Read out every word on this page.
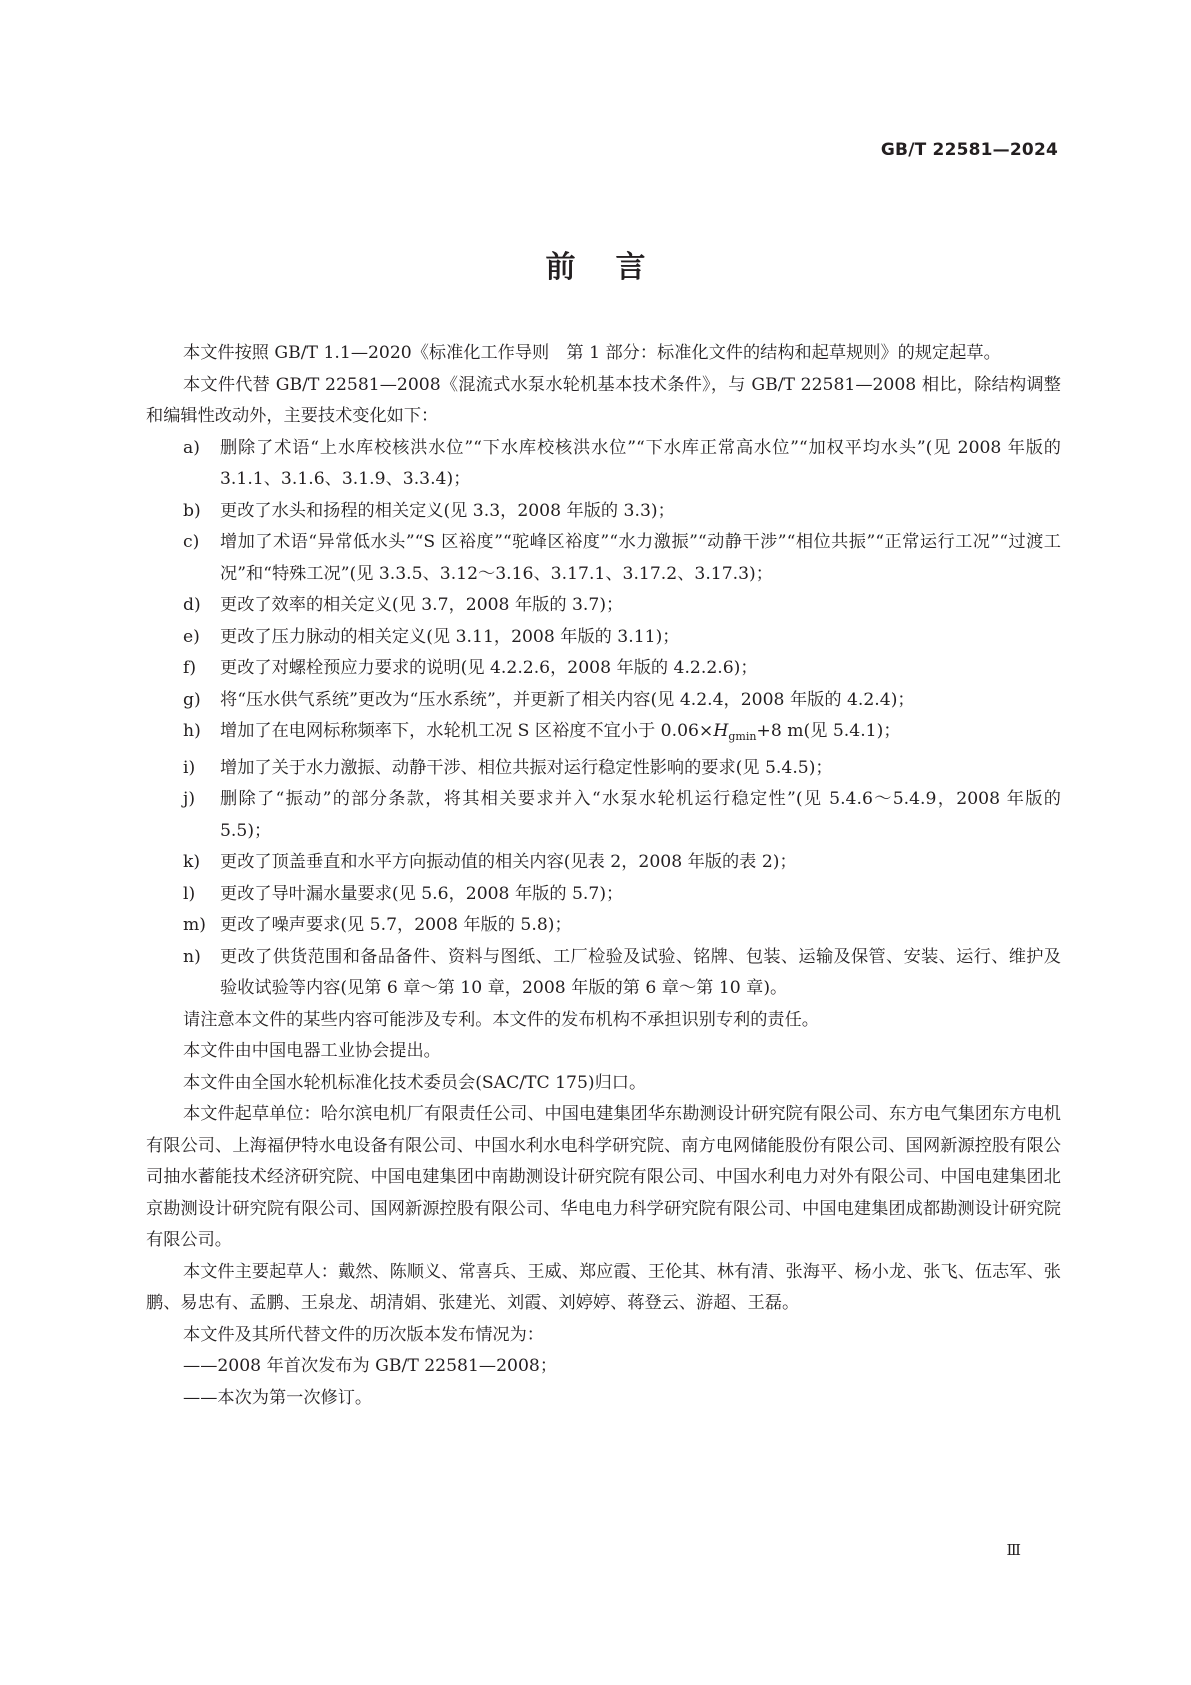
GB/T 22581—2024
前言

本文件按照 GB/T 1.1—2020《标准化工作导则　第 1 部分：标准化文件的结构和起草规则》的规定起草。

本文件代替 GB/T 22581—2008《混流式水泵水轮机基本技术条件》，与 GB/T 22581—2008 相比，除结构调整和编辑性改动外，主要技术变化如下：

a)	删除了术语“上水库校核洪水位”“下水库校核洪水位”“下水库正常高水位”“加权平均水头”(见 2008 年版的 3.1.1、3.1.6、3.1.9、3.3.4)；
b)	更改了水头和扬程的相关定义(见 3.3，2008 年版的 3.3)；
c)	增加了术语“异常低水头”“S 区裕度”“驼峰区裕度”“水力激振”“动静干涉”“相位共振”“正常运行工况”“过渡工况”和“特殊工况”(见 3.3.5、3.12～3.16、3.17.1、3.17.2、3.17.3)；
d)	更改了效率的相关定义(见 3.7，2008 年版的 3.7)；
e)	更改了压力脉动的相关定义(见 3.11，2008 年版的 3.11)；
f)	更改了对螺栓预应力要求的说明(见 4.2.2.6，2008 年版的 4.2.2.6)；
g)	将“压水供气系统”更改为“压水系统”，并更新了相关内容(见 4.2.4，2008 年版的 4.2.4)；
h)	增加了在电网标称频率下，水轮机工况 S 区裕度不宜小于 $0.06\times H_{gmin}+8$ m(见 5.4.1)；
i)	增加了关于水力激振、动静干涉、相位共振对运行稳定性影响的要求(见 5.4.5)；
j)	删除了“振动”的部分条款，将其相关要求并入“水泵水轮机运行稳定性”(见 5.4.6～5.4.9，2008 年版的 5.5)；
k)	更改了顶盖垂直和水平方向振动值的相关内容(见表 2，2008 年版的表 2)；
l)	更改了导叶漏水量要求(见 5.6，2008 年版的 5.7)；
m) 更改了噪声要求(见 5.7，2008 年版的 5.8)；
n)	更改了供货范围和备品备件、资料与图纸、工厂检验及试验、铭牌、包装、运输及保管、安装、运行、维护及验收试验等内容(见第 6 章～第 10 章，2008 年版的第 6 章～第 10 章)。

请注意本文件的某些内容可能涉及专利。本文件的发布机构不承担识别专利的责任。

本文件由中国电器工业协会提出。

本文件由全国水轮机标准化技术委员会(SAC/TC 175)归口。

本文件起草单位：哈尔滨电机厂有限责任公司、中国电建集团华东勘测设计研究院有限公司、东方电气集团东方电机有限公司、上海福伊特水电设备有限公司、中国水利水电科学研究院、南方电网储能股份有限公司、国网新源控股有限公司抽水蓄能技术经济研究院、中国电建集团中南勘测设计研究院有限公司、中国水利电力对外有限公司、中国电建集团北京勘测设计研究院有限公司、国网新源控股有限公司、华电电力科学研究院有限公司、中国电建集团成都勘测设计研究院有限公司。

本文件主要起草人：戴然、陈顺义、常喜兵、王威、郑应霞、王伦其、林有清、张海平、杨小龙、张飞、伍志军、张鹏、易忠有、孟鹏、王泉龙、胡清娟、张建光、刘霞、刘婷婷、蒋登云、游超、王磊。

本文件及其所代替文件的历次版本发布情况为：

——2008 年首次发布为 GB/T 22581—2008；

——本次为第一次修订。

Ⅲ
